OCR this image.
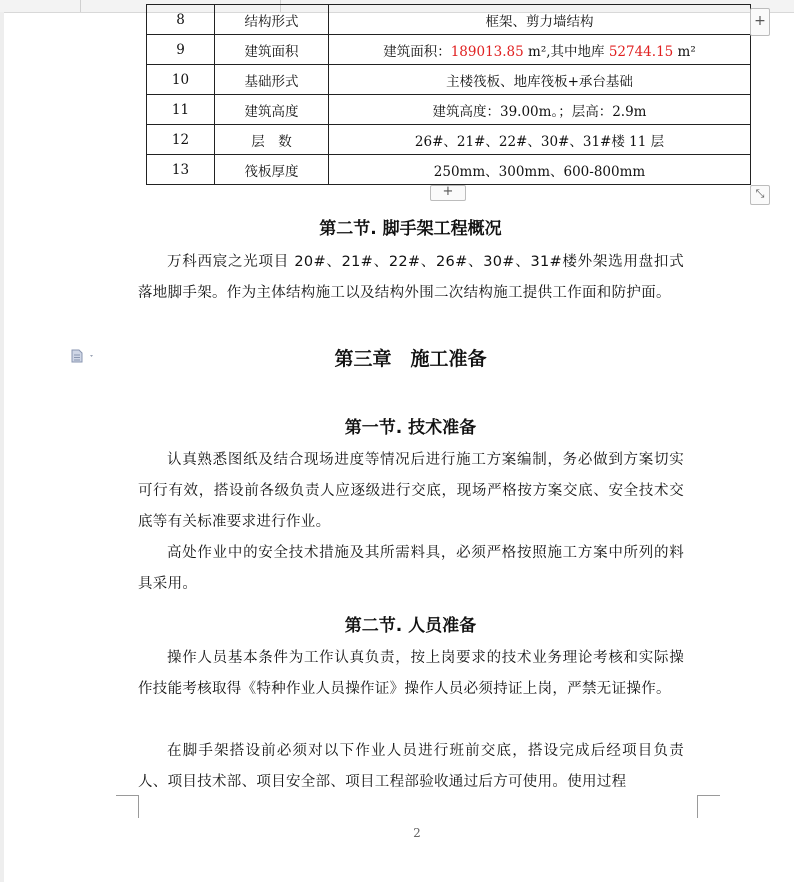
8	结构形式	框架、剪力墙结构
9	建筑面积	建筑面积：189013.85 m²,其中地库 52744.15 m²
10	基础形式	主楼筏板、地库筏板+承台基础
11	建筑高度	建筑高度：39.00m。；层高：2.9m
12	层　数	26#、21#、22#、30#、31#楼 11 层
13	筏板厚度	250mm、300mm、600-800mm
+
+	⤡
第二节. 脚手架工程概况

万科西宸之光项目 20#、21#、22#、26#、30#、31#楼外架选用盘扣式落地脚手架。作为主体结构施工以及结构外围二次结构施工提供工作面和防护面。

第三章　施工准备
第一节. 技术准备

认真熟悉图纸及结合现场进度等情况后进行施工方案编制，务必做到方案切实可行有效，搭设前各级负责人应逐级进行交底，现场严格按方案交底、安全技术交底等有关标准要求进行作业。

高处作业中的安全技术措施及其所需料具，必须严格按照施工方案中所列的料具采用。

第二节. 人员准备

操作人员基本条件为工作认真负责，按上岗要求的技术业务理论考核和实际操作技能考核取得《特种作业人员操作证》操作人员必须持证上岗，严禁无证操作。

在脚手架搭设前必须对以下作业人员进行班前交底，搭设完成后经项目负责人、项目技术部、项目安全部、项目工程部验收通过后方可使用。使用过程

2
